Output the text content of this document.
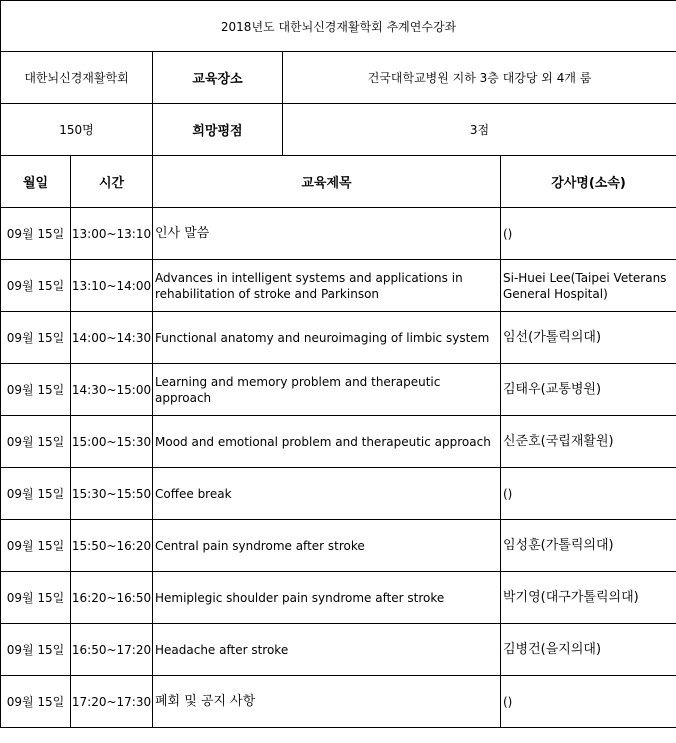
2018년도 대한뇌신경재활학회 추계연수강좌				
대한뇌신경재활학회		교육장소	건국대학교병원 지하 3층 대강당 외 4개 룸	
150명		희망평점	3점	
월일	시간	교육제목		강사명(소속)
09월 15일	13:00~13:10	인사 말씀		()
09월 15일	13:10~14:00	Advances in intelligent systems and applications in rehabilitation of stroke and Parkinson		Si-Huei Lee(Taipei Veterans General Hospital)
09월 15일	14:00~14:30	Functional anatomy and neuroimaging of limbic system		임선(가톨릭의대)
09월 15일	14:30~15:00	Learning and memory problem and therapeutic approach		김태우(교통병원)
09월 15일	15:00~15:30	Mood and emotional problem and therapeutic approach		신준호(국립재활원)
09월 15일	15:30~15:50	Coffee break		()
09월 15일	15:50~16:20	Central pain syndrome after stroke		임성훈(가톨릭의대)
09월 15일	16:20~16:50	Hemiplegic shoulder pain syndrome after stroke		박기영(대구가톨릭의대)
09월 15일	16:50~17:20	Headache after stroke		김병건(을지의대)
09월 15일	17:20~17:30	폐회 및 공지 사항		()
